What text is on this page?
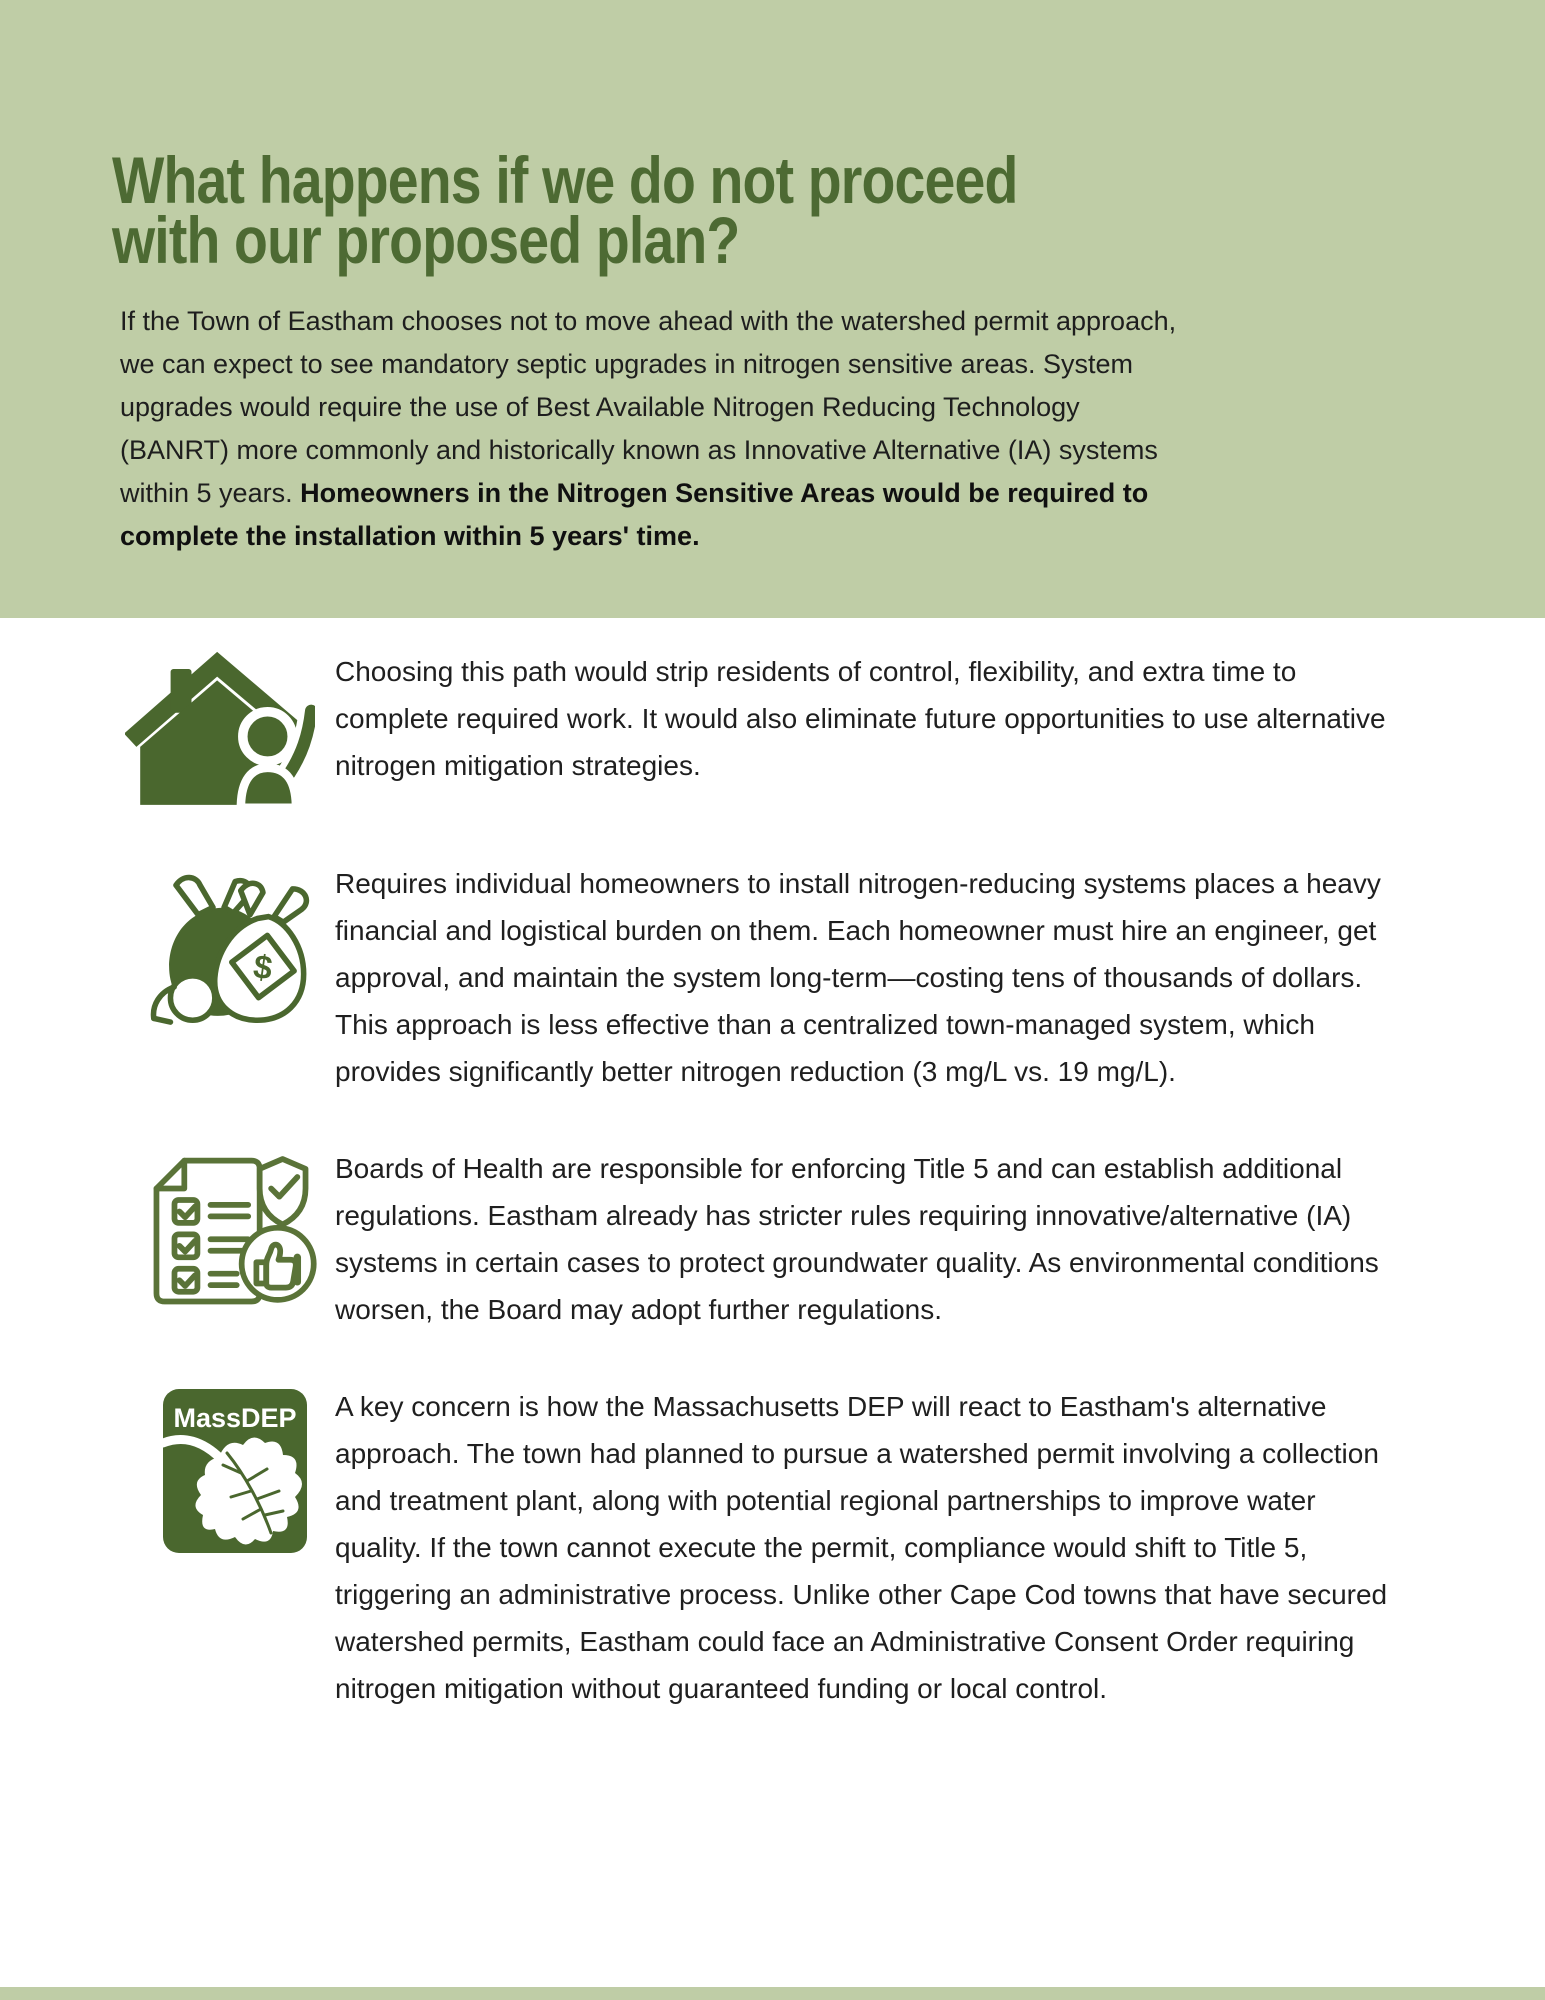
What happens if we do not proceed
with our proposed plan?

If the Town of Eastham chooses not to move ahead with the watershed permit approach, we can expect to see mandatory septic upgrades in nitrogen sensitive areas. System upgrades would require the use of Best Available Nitrogen Reducing Technology (BANRT) more commonly and historically known as Innovative Alternative (IA) systems within 5 years. Homeowners in the Nitrogen Sensitive Areas would be required to complete the installation within 5 years' time.

Choosing this path would strip residents of control, flexibility, and extra time to complete required work. It would also eliminate future opportunities to use alternative nitrogen mitigation strategies.

$

Requires individual homeowners to install nitrogen-reducing systems places a heavy financial and logistical burden on them. Each homeowner must hire an engineer, get approval, and maintain the system long-term—costing tens of thousands of dollars. This approach is less effective than a centralized town-managed system, which provides significantly better nitrogen reduction (3 mg/L vs. 19 mg/L).

Boards of Health are responsible for enforcing Title 5 and can establish additional regulations. Eastham already has stricter rules requiring innovative/alternative (IA) systems in certain cases to protect groundwater quality. As environmental conditions worsen, the Board may adopt further regulations.

MassDEP A key concern is how the Massachusetts DEP will react to Eastham's alternative approach. The town had planned to pursue a watershed permit involving a collection and treatment plant, along with potential regional partnerships to improve water quality. If the town cannot execute the permit, compliance would shift to Title 5, triggering an administrative process. Unlike other Cape Cod towns that have secured watershed permits, Eastham could face an Administrative Consent Order requiring nitrogen mitigation without guaranteed funding or local control.
